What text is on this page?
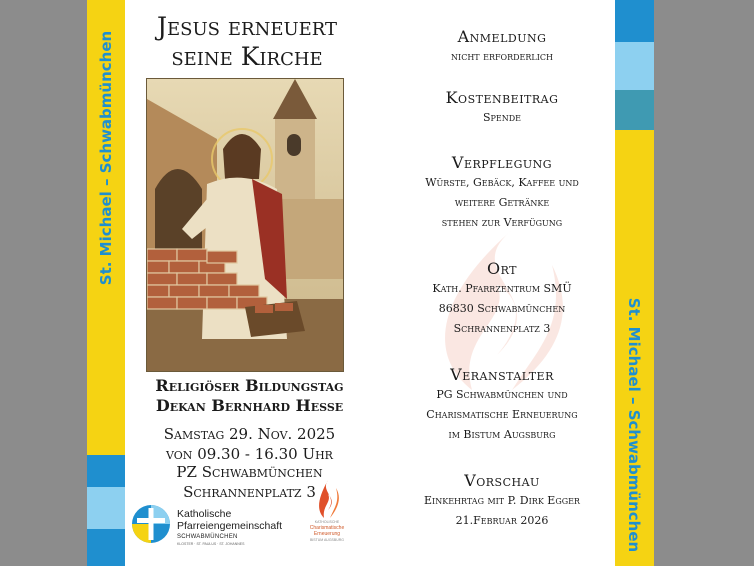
St. Michael – Schwabmünchen
Jesus erneuert
seine Kirche
Religiöser Bildungstag
Dekan Bernhard Hesse
Samstag 29. Nov. 2025
von 09.30 - 16.30 Uhr
PZ Schwabmünchen
Schrannenplatz 3
Katholische
Pfarreiengemeinschaft
SCHWABMÜNCHEN
KLOSTER · ST. PAULUS · ST. JOHANNES
KATHOLISCHE
Charismatische
Erneuerung
BISTUM AUGSBURG
Anmeldung

nicht erforderlich

Kostenbeitrag

Spende

Verpflegung

Würste, Gebäck, Kaffee und

weitere Getränke

stehen zur Verfügung

Ort

Kath. Pfarrzentrum SMÜ

86830 Schwabmünchen

Schrannenplatz 3

Veranstalter

PG Schwabmünchen und

Charismatische Erneuerung

im Bistum Augsburg

Vorschau

Einkehrtag mit P. Dirk Egger

21.Februar 2026	St. Michael – Schwabmünchen
